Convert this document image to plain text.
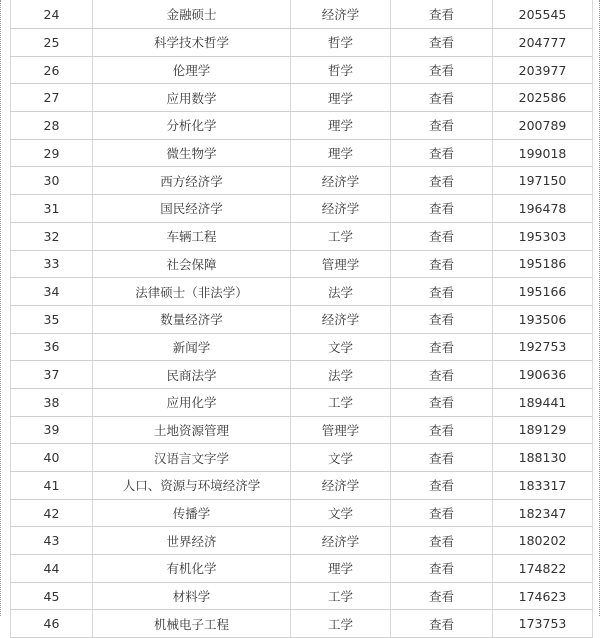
24	金融硕士	经济学	查看	205545
25	科学技术哲学	哲学	查看	204777
26	伦理学	哲学	查看	203977
27	应用数学	理学	查看	202586
28	分析化学	理学	查看	200789
29	微生物学	理学	查看	199018
30	西方经济学	经济学	查看	197150
31	国民经济学	经济学	查看	196478
32	车辆工程	工学	查看	195303
33	社会保障	管理学	查看	195186
34	法律硕士（非法学）	法学	查看	195166
35	数量经济学	经济学	查看	193506
36	新闻学	文学	查看	192753
37	民商法学	法学	查看	190636
38	应用化学	工学	查看	189441
39	土地资源管理	管理学	查看	189129
40	汉语言文字学	文学	查看	188130
41	人口、资源与环境经济学	经济学	查看	183317
42	传播学	文学	查看	182347
43	世界经济	经济学	查看	180202
44	有机化学	理学	查看	174822
45	材料学	工学	查看	174623
46	机械电子工程	工学	查看	173753
